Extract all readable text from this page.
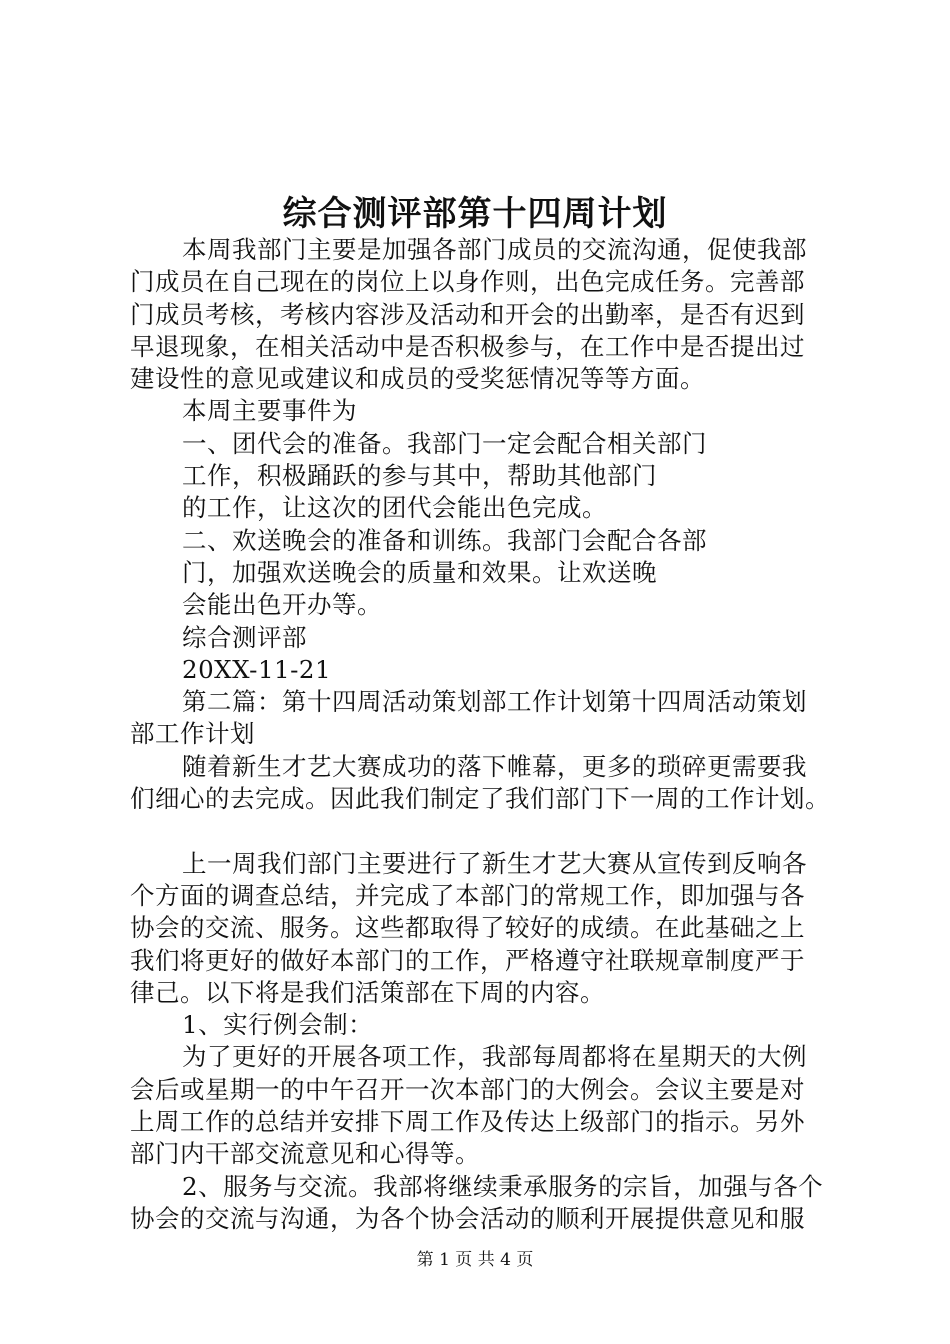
综合测评部第十四周计划
本周我部门主要是加强各部门成员的交流沟通，促使我部
门成员在自己现在的岗位上以身作则，出色完成任务。完善部
门成员考核，考核内容涉及活动和开会的出勤率，是否有迟到
早退现象，在相关活动中是否积极参与，在工作中是否提出过
建设性的意见或建议和成员的受奖惩情况等等方面。
本周主要事件为
一、团代会的准备。我部门一定会配合相关部门
工作，积极踊跃的参与其中，帮助其他部门
的工作，让这次的团代会能出色完成。
二、欢送晚会的准备和训练。我部门会配合各部
门，加强欢送晚会的质量和效果。让欢送晚
会能出色开办等。
综合测评部
20XX-11-21
第二篇：第十四周活动策划部工作计划第十四周活动策划
部工作计划
随着新生才艺大赛成功的落下帷幕，更多的琐碎更需要我
们细心的去完成。因此我们制定了我们部门下一周的工作计划。
上一周我们部门主要进行了新生才艺大赛从宣传到反响各
个方面的调查总结，并完成了本部门的常规工作，即加强与各
协会的交流、服务。这些都取得了较好的成绩。在此基础之上
我们将更好的做好本部门的工作，严格遵守社联规章制度严于
律己。以下将是我们活策部在下周的内容。
1、实行例会制：
为了更好的开展各项工作，我部每周都将在星期天的大例
会后或星期一的中午召开一次本部门的大例会。会议主要是对
上周工作的总结并安排下周工作及传达上级部门的指示。另外
部门内干部交流意见和心得等。
2、服务与交流。我部将继续秉承服务的宗旨，加强与各个
协会的交流与沟通，为各个协会活动的顺利开展提供意见和服
第 1 页 共 4 页
